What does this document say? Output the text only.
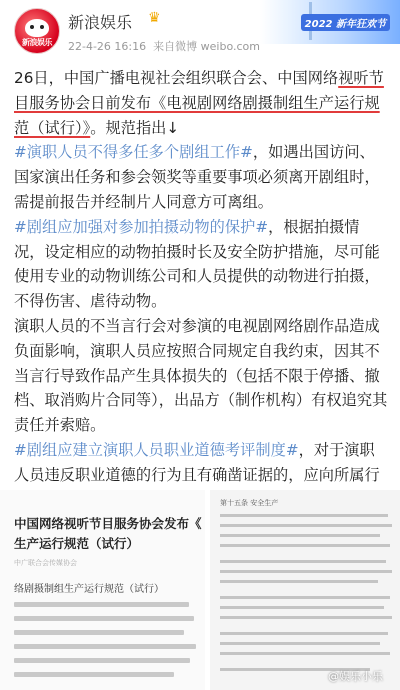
新浪娱乐
新浪娱乐 ♛
22-4-26 16:16 来自微博 weibo.com
2022 新年狂欢节
26日，中国广播电视社会组织联合会、中国网络视听节目服务协会日前发布《电视剧网络剧摄制组生产运行规范（试行）》。规范指出↓
#演职人员不得多任多个剧组工作#，如遇出国访问、国家演出任务和参会领奖等重要事项必须离开剧组时，需提前报告并经制片人同意方可离组。
#剧组应加强对参加拍摄动物的保护#，根据拍摄情况，设定相应的动物拍摄时长及安全防护措施，尽可能使用专业的动物训练公司和人员提供的动物进行拍摄，不得伤害、虐待动物。
演职人员的不当言行会对参演的电视剧网络剧作品造成负面影响，演职人员应按照合同规定自我约束，因其不当言行导致作品产生具体损失的（包括不限于停播、撤档、取消购片合同等），出品方（制作机构）有权追究其责任并索赔。
#剧组应建立演职人员职业道德考评制度#，对于演职人员违反职业道德的行为且有确凿证据的，应向所属行
中国网络视听节目服务协会发布《
生产运行规范（试行）
中广联合会传媒协会
络剧摄制组生产运行规范（试行）
第十五条 安全生产
@娱乐小乐
